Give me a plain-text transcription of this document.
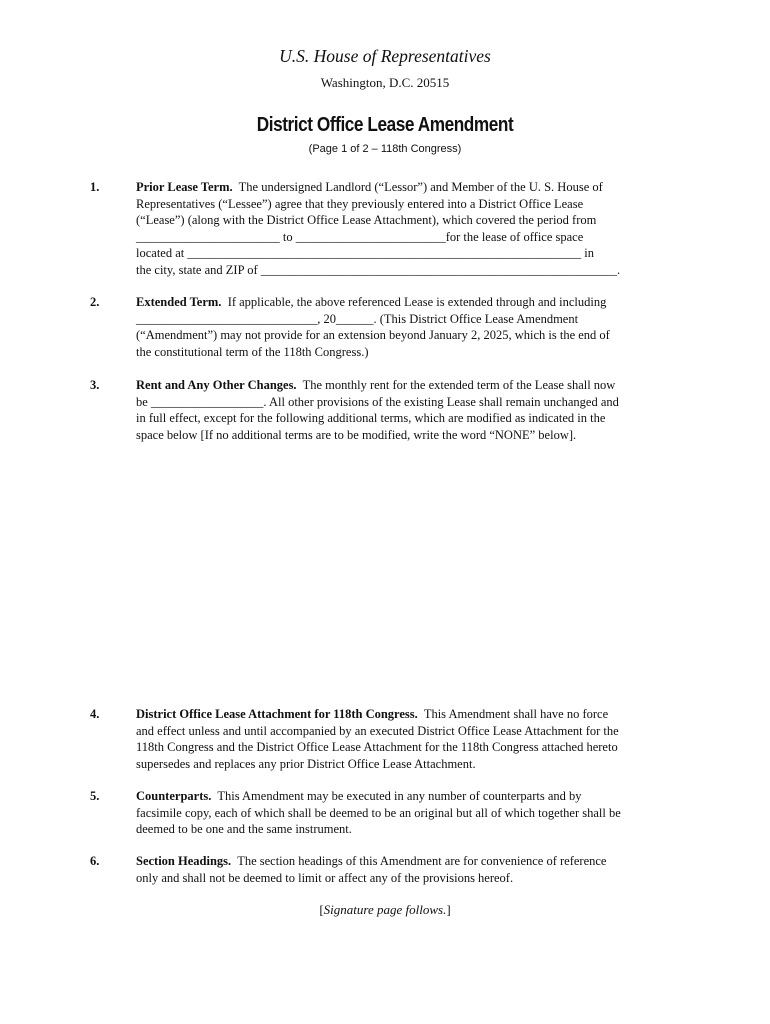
U.S. House of Representatives
Washington, D.C. 20515
District Office Lease Amendment
(Page 1 of 2 – 118th Congress)
1.	Prior Lease Term. The undersigned Landlord (“Lessor”) and Member of the U. S. House of
Representatives (“Lessee”) agree that they previously entered into a District Office Lease
(“Lease”) (along with the District Office Lease Attachment), which covered the period from
_______________________ to ________________________for the lease of office space
located at _______________________________________________________________ in
the city, state and ZIP of _________________________________________________________.
2.	Extended Term. If applicable, the above referenced Lease is extended through and including
_____________________________, 20______. (This District Office Lease Amendment
(“Amendment”) may not provide for an extension beyond January 2, 2025, which is the end of
the constitutional term of the 118th Congress.)
3.	Rent and Any Other Changes. The monthly rent for the extended term of the Lease shall now
be __________________. All other provisions of the existing Lease shall remain unchanged and
in full effect, except for the following additional terms, which are modified as indicated in the
space below [If no additional terms are to be modified, write the word “NONE” below].
4.	District Office Lease Attachment for 118th Congress. This Amendment shall have no force
and effect unless and until accompanied by an executed District Office Lease Attachment for the
118th Congress and the District Office Lease Attachment for the 118th Congress attached hereto
supersedes and replaces any prior District Office Lease Attachment.
5.	Counterparts. This Amendment may be executed in any number of counterparts and by
facsimile copy, each of which shall be deemed to be an original but all of which together shall be
deemed to be one and the same instrument.
6.	Section Headings. The section headings of this Amendment are for convenience of reference
only and shall not be deemed to limit or affect any of the provisions hereof.
[Signature page follows.]
